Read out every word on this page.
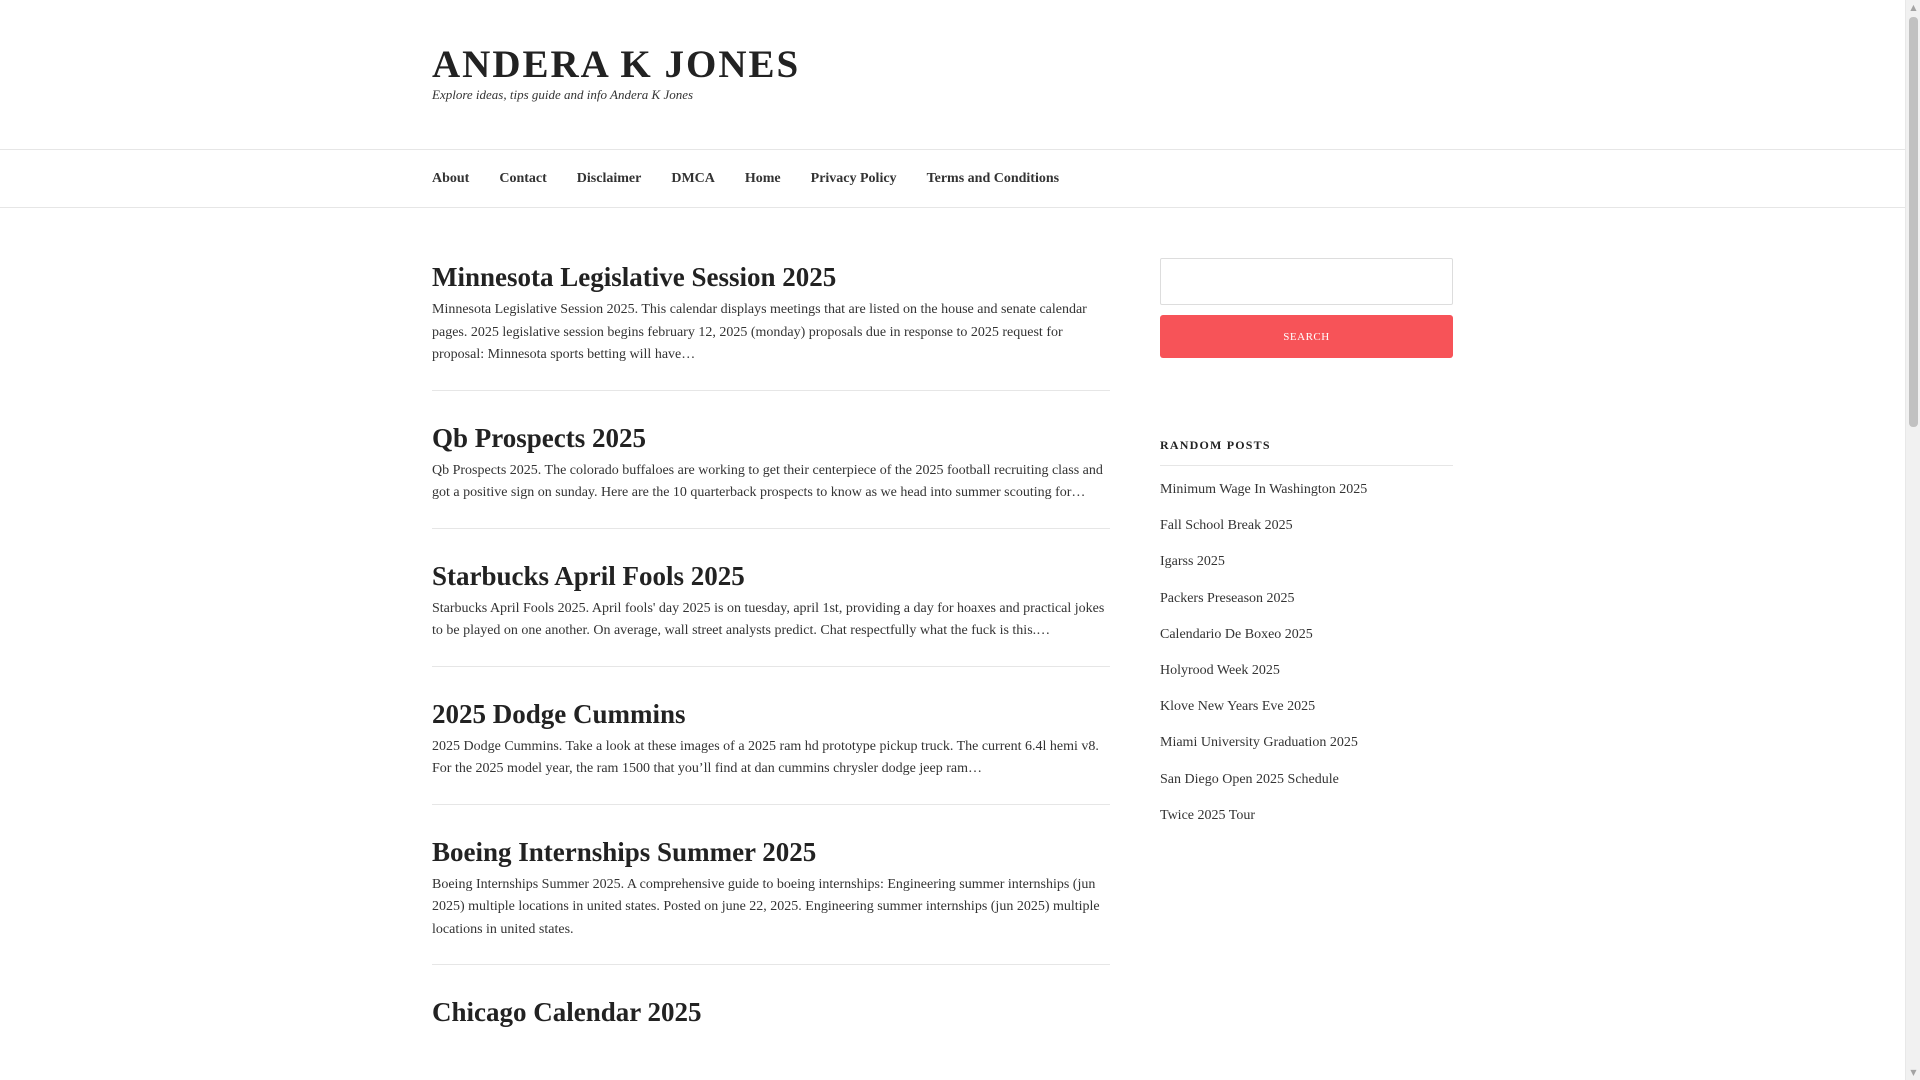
ANDERA K JONES
Explore ideas, tips guide and info Andera K Jones
About Contact Disclaimer DMCA Home Privacy Policy Terms and Conditions
Minnesota Legislative Session 2025

Minnesota Legislative Session 2025. This calendar displays meetings that are listed on the house and senate calendar pages. 2025 legislative session begins february 12, 2025 (monday) proposals due in response to 2025 request for proposal: Minnesota sports betting will have…

Qb Prospects 2025

Qb Prospects 2025. The colorado buffaloes are working to get their centerpiece of the 2025 football recruiting class and got a positive sign on sunday. Here are the 10 quarterback prospects to know as we head into summer scouting for…

Starbucks April Fools 2025

Starbucks April Fools 2025. April fools' day 2025 is on tuesday, april 1st, providing a day for hoaxes and practical jokes to be played on one another. On average, wall street analysts predict. Chat respectfully what the fuck is this.…

2025 Dodge Cummins

2025 Dodge Cummins. Take a look at these images of a 2025 ram hd prototype pickup truck. The current 6.4l hemi v8. For the 2025 model year, the ram 1500 that you’ll find at dan cummins chrysler dodge jeep ram…

Boeing Internships Summer 2025

Boeing Internships Summer 2025. A comprehensive guide to boeing internships: Engineering summer internships (jun 2025) multiple locations in united states. Posted on june 22, 2025. Engineering summer internships (jun 2025) multiple locations in united states.

Chicago Calendar 2025

SEARCH
RANDOM POSTS
Minimum Wage In Washington 2025
Fall School Break 2025
Igarss 2025
Packers Preseason 2025
Calendario De Boxeo 2025
Holyrood Week 2025
Klove New Years Eve 2025
Miami University Graduation 2025
San Diego Open 2025 Schedule
Twice 2025 Tour
▲
▼
